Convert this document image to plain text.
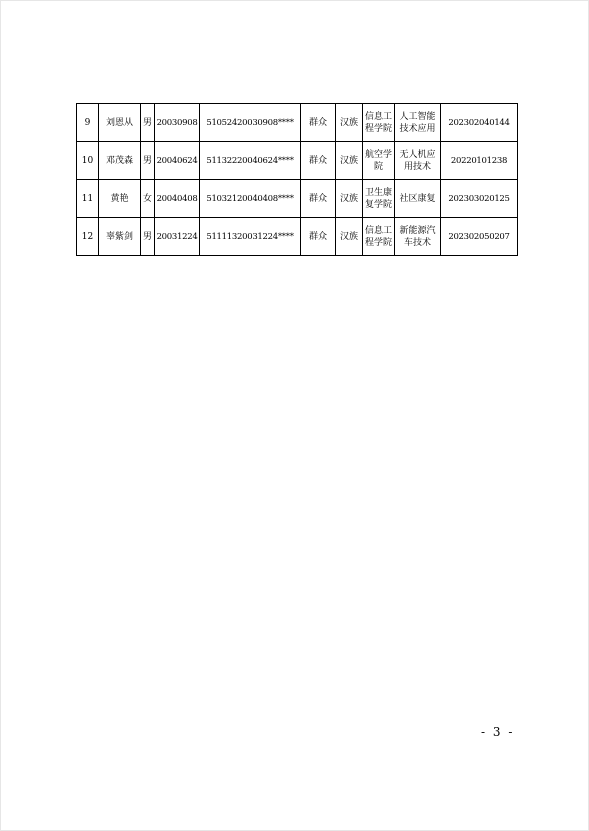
9	刘恩从	男	20030908	51052420030908****	群众	汉族	信息工程学院	人工智能技术应用	202302040144
10	邓茂森	男	20040624	51132220040624****	群众	汉族	航空学院	无人机应用技术	20220101238
11	黄艳	女	20040408	51032120040408****	群众	汉族	卫生康复学院	社区康复	202303020125
12	辜紫剑	男	20031224	51111320031224****	群众	汉族	信息工程学院	新能源汽车技术	202302050207
- 3 -
